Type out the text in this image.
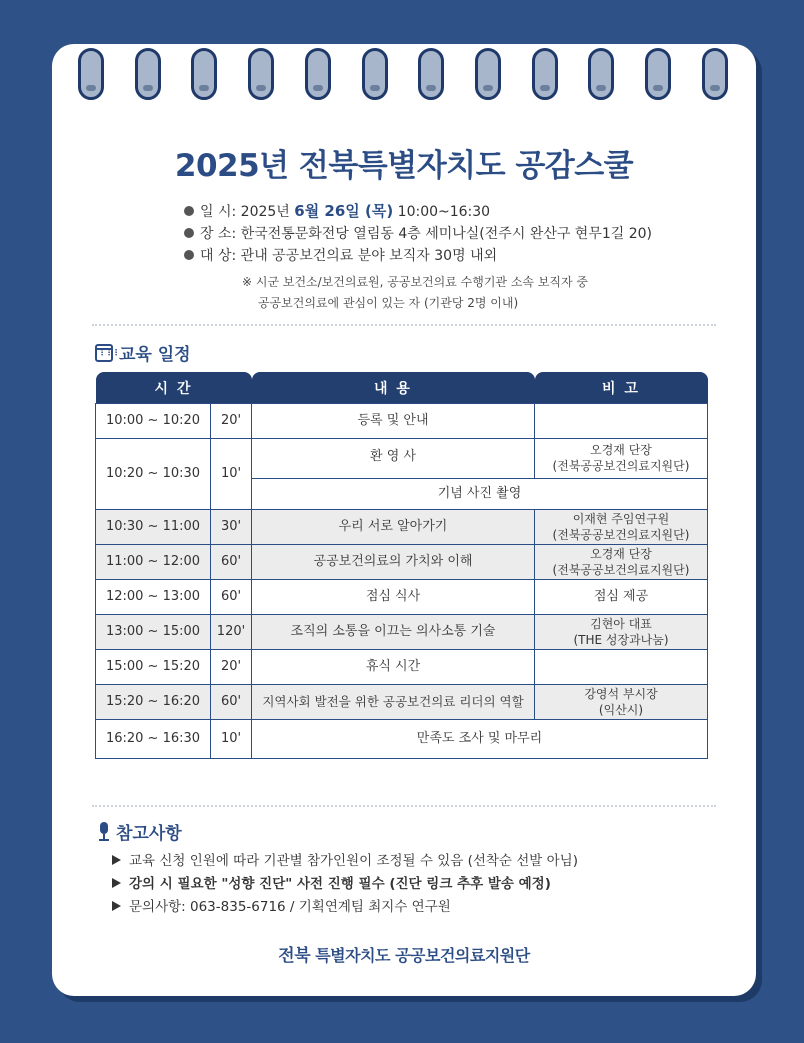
2025년 전북특별자치도 공감스쿨
일 시: 2025년 6월 26일 (목) 10:00~16:30
장 소: 한국전통문화전당 열림동 4층 세미나실(전주시 완산구 현무1길 20)
대 상: 관내 공공보건의료 분야 보직자 30명 내외
※ 시군 보건소/보건의료원, 공공보건의료 수행기관 소속 보직자 중
공공보건의료에 관심이 있는 자 (기관당 2명 이내)
⋮⋮⋮
교육 일정
시 간		내 용	비 고
10:00 ~ 10:20	20'	등록 및 안내	
10:20 ~ 10:30	10'	환 영 사	오경재 단장
(전북공공보건의료지원단)

		기념 사진 촬영	
10:30 ~ 11:00	30'	우리 서로 알아가기	이재현 주임연구원
(전북공공보건의료지원단)

11:00 ~ 12:00	60'	공공보건의료의 가치와 이해	오경재 단장
(전북공공보건의료지원단)

12:00 ~ 13:00	60'	점심 식사	점심 제공
13:00 ~ 15:00	120'	조직의 소통을 이끄는 의사소통 기술	김현아 대표
(THE 성장과나눔)

15:00 ~ 15:20	20'	휴식 시간	
15:20 ~ 16:20	60'	지역사회 발전을 위한 공공보건의료 리더의 역할	강영석 부시장
(익산시)

16:20 ~ 16:30	10'	만족도 조사 및 마무리	
참고사항
교육 신청 인원에 따라 기관별 참가인원이 조정될 수 있음 (선착순 선발 아님)
강의 시 필요한 "성향 진단" 사전 진행 필수 (진단 링크 추후 발송 예정)
문의사항: 063-835-6716 / 기획연계팀 최지수 연구원
전북 특별자치도 공공보건의료지원단
